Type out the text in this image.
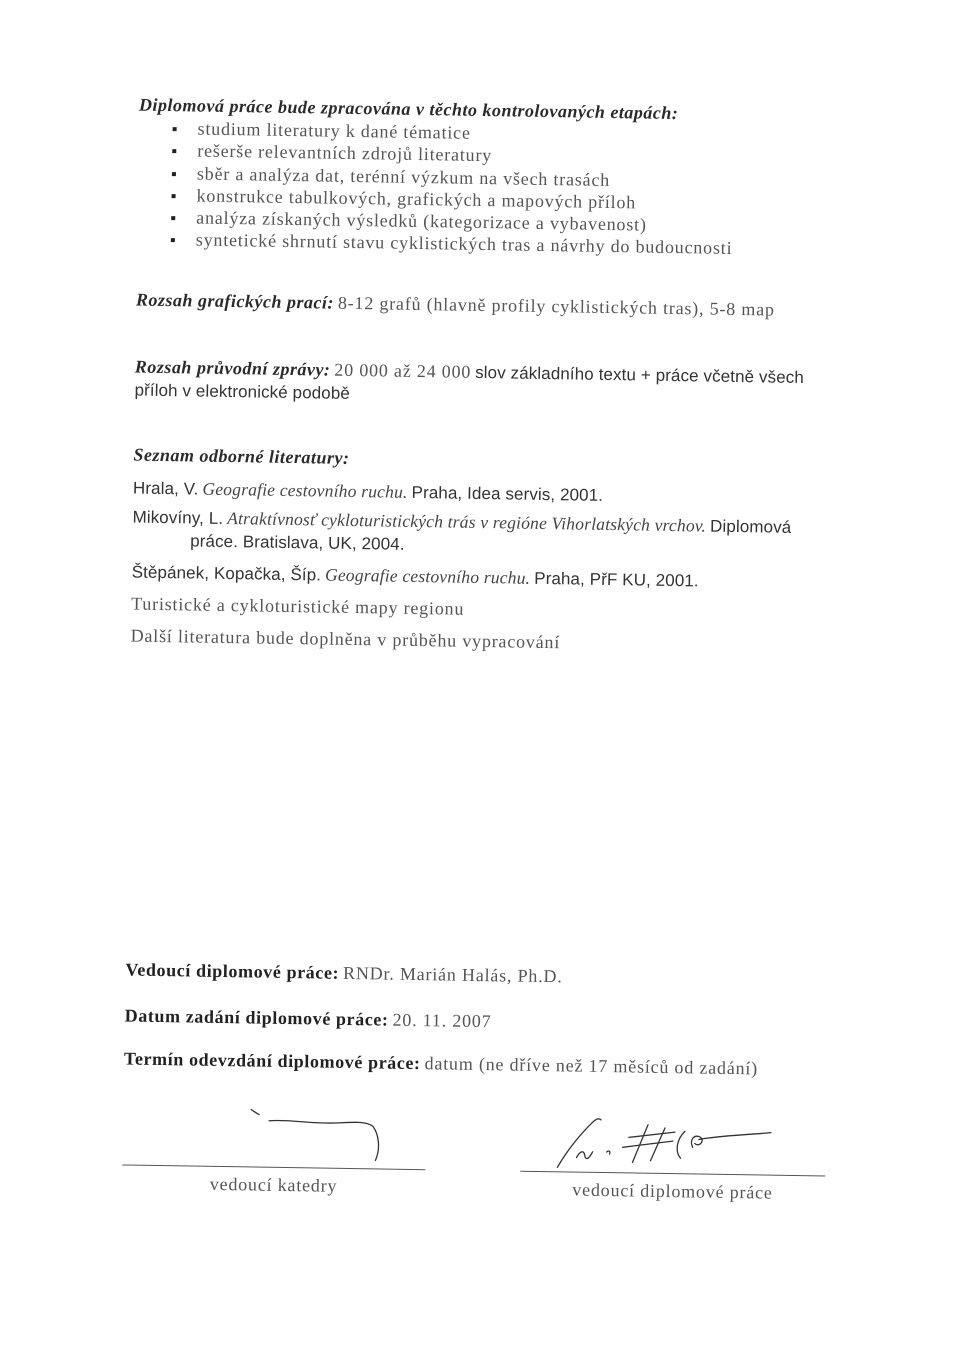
Diplomová práce bude zpracována v těchto kontrolovaných etapách:
studium literatury k dané tématice
rešerše relevantních zdrojů literatury
sběr a analýza dat, terénní výzkum na všech trasách
konstrukce tabulkových, grafických a mapových příloh
analýza získaných výsledků (kategorizace a vybavenost)
syntetické shrnutí stavu cyklistických tras a návrhy do budoucnosti
Rozsah grafických prací: 8-12 grafů (hlavně profily cyklistických tras), 5-8 map
Rozsah průvodní zprávy: 20 000 až 24 000 slov základního textu + práce včetně všech
příloh v elektronické podobě
Seznam odborné literatury:
Hrala, V. Geografie cestovního ruchu. Praha, Idea servis, 2001.
Mikovíny, L. Atraktívnosť cykloturistických trás v regióne Vihorlatských vrchov. Diplomová
práce. Bratislava, UK, 2004.
Štěpánek, Kopačka, Šíp. Geografie cestovního ruchu. Praha, PřF KU, 2001.
Turistické a cykloturistické mapy regionu
Další literatura bude doplněna v průběhu vypracování
Vedoucí diplomové práce: RNDr. Marián Halás, Ph.D.
Datum zadání diplomové práce: 20. 11. 2007
Termín odevzdání diplomové práce: datum (ne dříve než 17 měsíců od zadání)
vedoucí katedry	vedoucí diplomové práce
